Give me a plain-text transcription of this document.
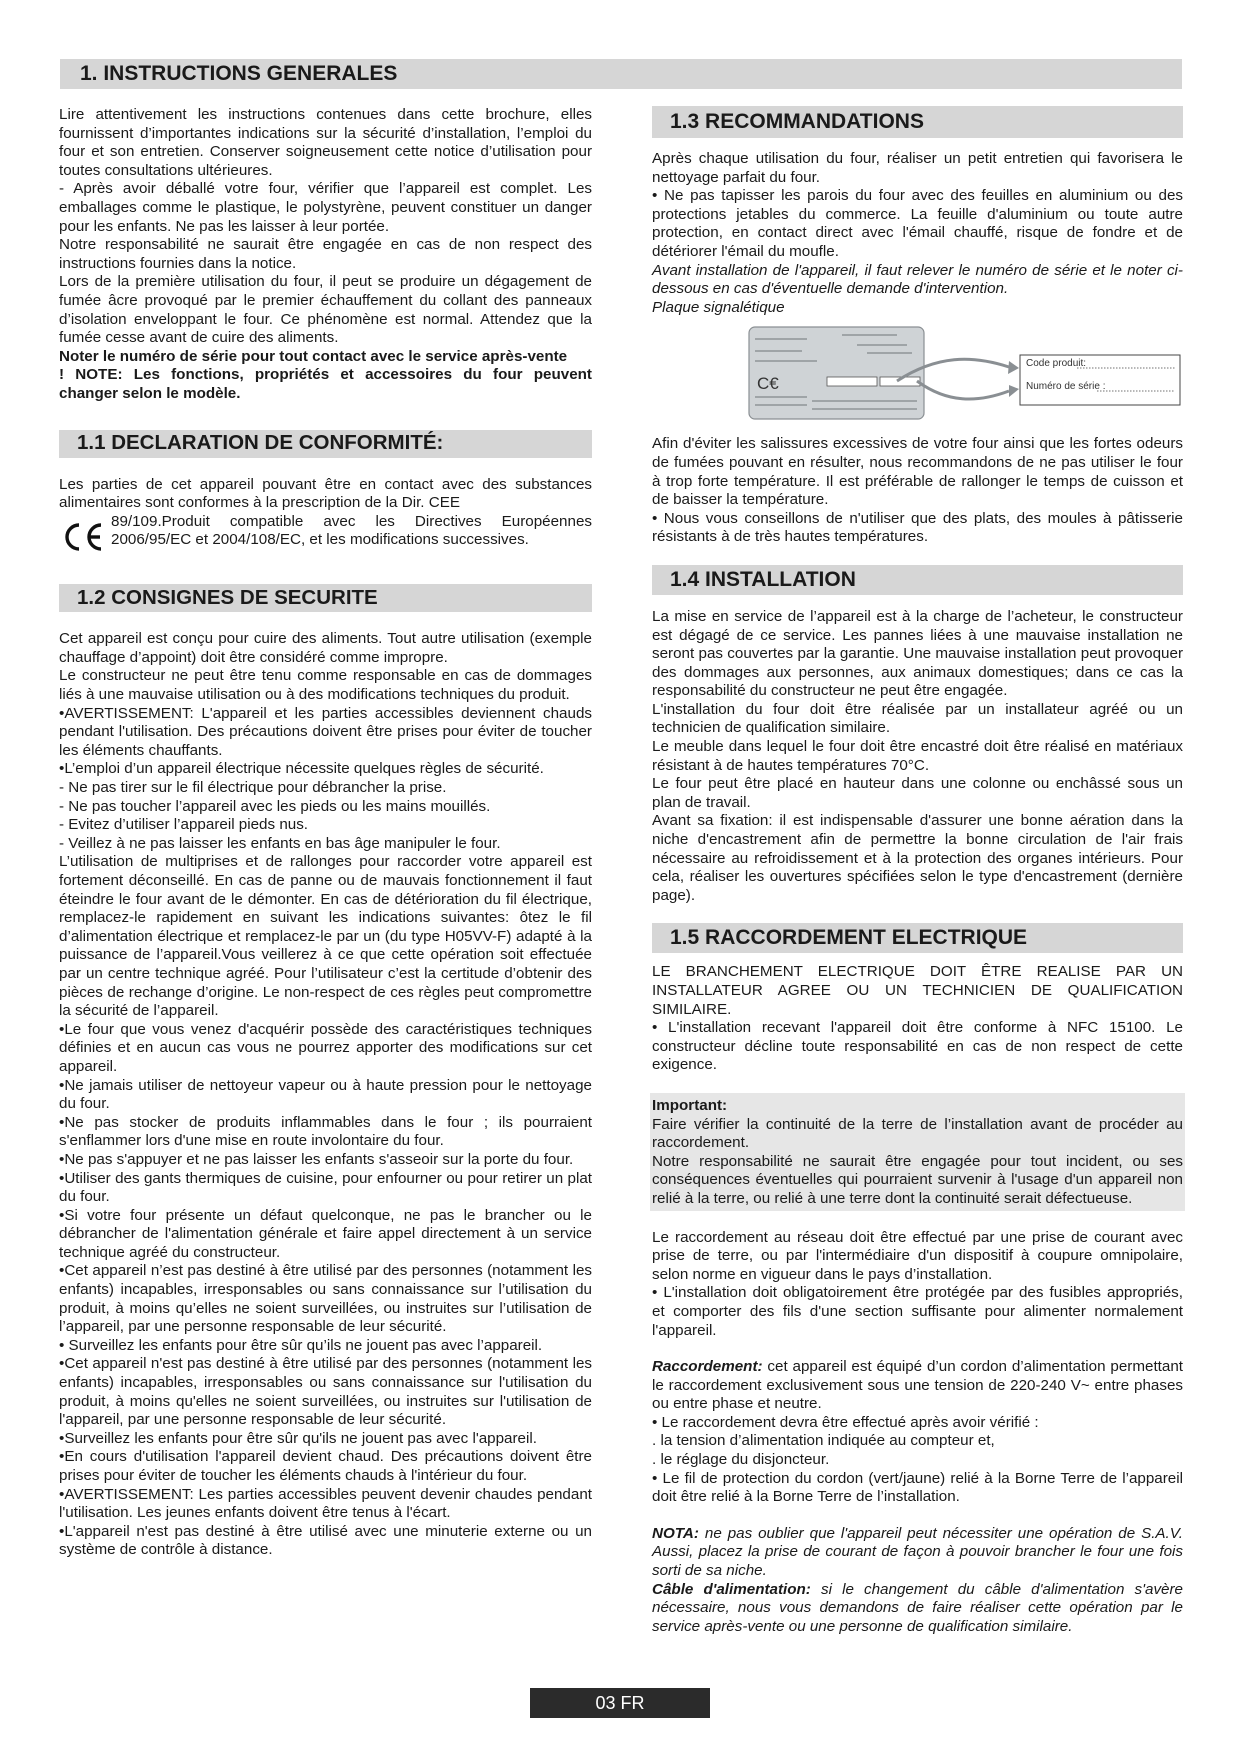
1. INSTRUCTIONS GENERALES

Lire attentivement les instructions contenues dans cette brochure, elles fournissent d’importantes indications sur la sécurité d’installation, l’emploi du four et son entretien. Conserver soigneusement cette notice d’utilisation pour toutes consultations ultérieures.

- Après avoir déballé votre four, vérifier que l’appareil est complet. Les emballages comme le plastique, le polystyrène, peuvent constituer un danger pour les enfants. Ne pas les laisser à leur portée.

Notre responsabilité ne saurait être engagée en cas de non respect des instructions fournies dans la notice.

Lors de la première utilisation du four, il peut se produire un dégagement de fumée âcre provoqué par le premier échauffement du collant des panneaux d’isolation enveloppant le four. Ce phénomène est normal. Attendez que la fumée cesse avant de cuire des aliments.

Noter le numéro de série pour tout contact avec le service après-vente

! NOTE: Les fonctions, propriétés et accessoires du four peuvent changer selon le modèle.

1.1 DECLARATION DE CONFORMITÉ:

Les parties de cet appareil pouvant être en contact avec des substances alimentaires sont conformes à la prescription de la Dir. CEE

89/109.Produit compatible avec les Directives Européennes 2006/95/EC et 2004/108/EC, et les modifications successives.

1.2 CONSIGNES DE SECURITE

Cet appareil est conçu pour cuire des aliments. Tout autre utilisation (exemple chauffage d’appoint) doit être considéré comme impropre.

Le constructeur ne peut être tenu comme responsable en cas de dommages liés à une mauvaise utilisation ou à des modifications techniques du produit.

•AVERTISSEMENT: L'appareil et les parties accessibles deviennent chauds pendant l'utilisation. Des précautions doivent être prises pour éviter de toucher les éléments chauffants.

•L’emploi d’un appareil électrique nécessite quelques règles de sécurité.

- Ne pas tirer sur le fil électrique pour débrancher la prise.

- Ne pas toucher l’appareil avec les pieds ou les mains mouillés.

- Evitez d’utiliser l’appareil pieds nus.

- Veillez à ne pas laisser les enfants en bas âge manipuler le four.

L’utilisation de multiprises et de rallonges pour raccorder votre appareil est fortement déconseillé. En cas de panne ou de mauvais fonctionnement il faut éteindre le four avant de le démonter. En cas de détérioration du fil électrique, remplacez-le rapidement en suivant les indications suivantes: ôtez le fil d’alimentation électrique et remplacez-le par un (du type H05VV-F) adapté à la puissance de l’appareil.Vous veillerez à ce que cette opération soit effectuée par un centre technique agréé. Pour l’utilisateur c’est la certitude d’obtenir des pièces de rechange d’origine. Le non-respect de ces règles peut compromettre la sécurité de l’appareil.

•Le four que vous venez d'acquérir possède des caractéristiques techniques définies et en aucun cas vous ne pourrez apporter des modifications sur cet appareil.

•Ne jamais utiliser de nettoyeur vapeur ou à haute pression pour le nettoyage du four.

•Ne pas stocker de produits inflammables dans le four ; ils pourraient s'enflammer lors d'une mise en route involontaire du four.

•Ne pas s'appuyer et ne pas laisser les enfants s'asseoir sur la porte du four.

•Utiliser des gants thermiques de cuisine, pour enfourner ou pour retirer un plat du four.

•Si votre four présente un défaut quelconque, ne pas le brancher ou le débrancher de l'alimentation générale et faire appel directement à un service technique agréé du constructeur.

•Cet appareil n’est pas destiné à être utilisé par des personnes (notamment les enfants) incapables, irresponsables ou sans connaissance sur l’utilisation du produit, à moins qu’elles ne soient surveillées, ou instruites sur l’utilisation de l’appareil, par une personne responsable de leur sécurité.

• Surveillez les enfants pour être sûr qu’ils ne jouent pas avec l’appareil.

•Cet appareil n'est pas destiné à être utilisé par des personnes (notamment les enfants) incapables, irresponsables ou sans connaissance sur l'utilisation du produit, à moins qu'elles ne soient surveillées, ou instruites sur l'utilisation de l'appareil, par une personne responsable de leur sécurité.

•Surveillez les enfants pour être sûr qu'ils ne jouent pas avec l'appareil.

•En cours d'utilisation l'appareil devient chaud. Des précautions doivent être prises pour éviter de toucher les éléments chauds à l'intérieur du four.

•AVERTISSEMENT: Les parties accessibles peuvent devenir chaudes pendant l'utilisation. Les jeunes enfants doivent être tenus à l'écart.

•L'appareil n'est pas destiné à être utilisé avec une minuterie externe ou un système de contrôle à distance.

1.3 RECOMMANDATIONS

Après chaque utilisation du four, réaliser un petit entretien qui favorisera le nettoyage parfait du four.

• Ne pas tapisser les parois du four avec des feuilles en aluminium ou des protections jetables du commerce. La feuille d'aluminium ou toute autre protection, en contact direct avec l'émail chauffé, risque de fondre et de détériorer l'émail du moufle.

Avant installation de l'appareil, il faut relever le numéro de série et le noter ci-dessous en cas d'éventuelle demande d'intervention.

Plaque signalétique

C€
Code produit:
Numéro de série :

Afin d'éviter les salissures excessives de votre four ainsi que les fortes odeurs de fumées pouvant en résulter, nous recommandons de ne pas utiliser le four à trop forte température. Il est préférable de rallonger le temps de cuisson et de baisser la température.

• Nous vous conseillons de n'utiliser que des plats, des moules à pâtisserie résistants à de très hautes températures.

1.4 INSTALLATION

La mise en service de l’appareil est à la charge de l’acheteur, le constructeur est dégagé de ce service. Les pannes liées à une mauvaise installation ne seront pas couvertes par la garantie. Une mauvaise installation peut provoquer des dommages aux personnes, aux animaux domestiques; dans ce cas la responsabilité du constructeur ne peut être engagée.

L'installation du four doit être réalisée par un installateur agréé ou un technicien de qualification similaire.

Le meuble dans lequel le four doit être encastré doit être réalisé en matériaux résistant à de hautes températures 70°C.

Le four peut être placé en hauteur dans une colonne ou enchâssé sous un plan de travail.

Avant sa fixation: il est indispensable d'assurer une bonne aération dans la niche d'encastrement afin de permettre la bonne circulation de l'air frais nécessaire au refroidissement et à la protection des organes intérieurs. Pour cela, réaliser les ouvertures spécifiées selon le type d'encastrement (dernière page).

1.5 RACCORDEMENT ELECTRIQUE

LE BRANCHEMENT ELECTRIQUE DOIT ÊTRE REALISE PAR UN INSTALLATEUR AGREE OU UN TECHNICIEN DE QUALIFICATION SIMILAIRE.

• L'installation recevant l'appareil doit être conforme à NFC 15100. Le constructeur décline toute responsabilité en cas de non respect de cette exigence.

Important:

Faire vérifier la continuité de la terre de l’installation avant de procéder au raccordement.

Notre responsabilité ne saurait être engagée pour tout incident, ou ses conséquences éventuelles qui pourraient survenir à l'usage d'un appareil non relié à la terre, ou relié à une terre dont la continuité serait défectueuse.

Le raccordement au réseau doit être effectué par une prise de courant avec prise de terre, ou par l'intermédiaire d'un dispositif à coupure omnipolaire, selon norme en vigueur dans le pays d’installation.

• L'installation doit obligatoirement être protégée par des fusibles appropriés, et comporter des fils d'une section suffisante pour alimenter normalement l'appareil.

Raccordement: cet appareil est équipé d’un cordon d’alimentation permettant le raccordement exclusivement sous une tension de 220-240 V~ entre phases ou entre phase et neutre.

• Le raccordement devra être effectué après avoir vérifié :

. la tension d’alimentation indiquée au compteur et,

. le réglage du disjoncteur.

• Le fil de protection du cordon (vert/jaune) relié à la Borne Terre de l’appareil doit être relié à la Borne Terre de l’installation.

NOTA: ne pas oublier que l'appareil peut nécessiter une opération de S.A.V. Aussi, placez la prise de courant de façon à pouvoir brancher le four une fois sorti de sa niche.

Câble d'alimentation: si le changement du câble d'alimentation s'avère nécessaire, nous vous demandons de faire réaliser cette opération par le service après-vente ou une personne de qualification similaire.

03 FR
